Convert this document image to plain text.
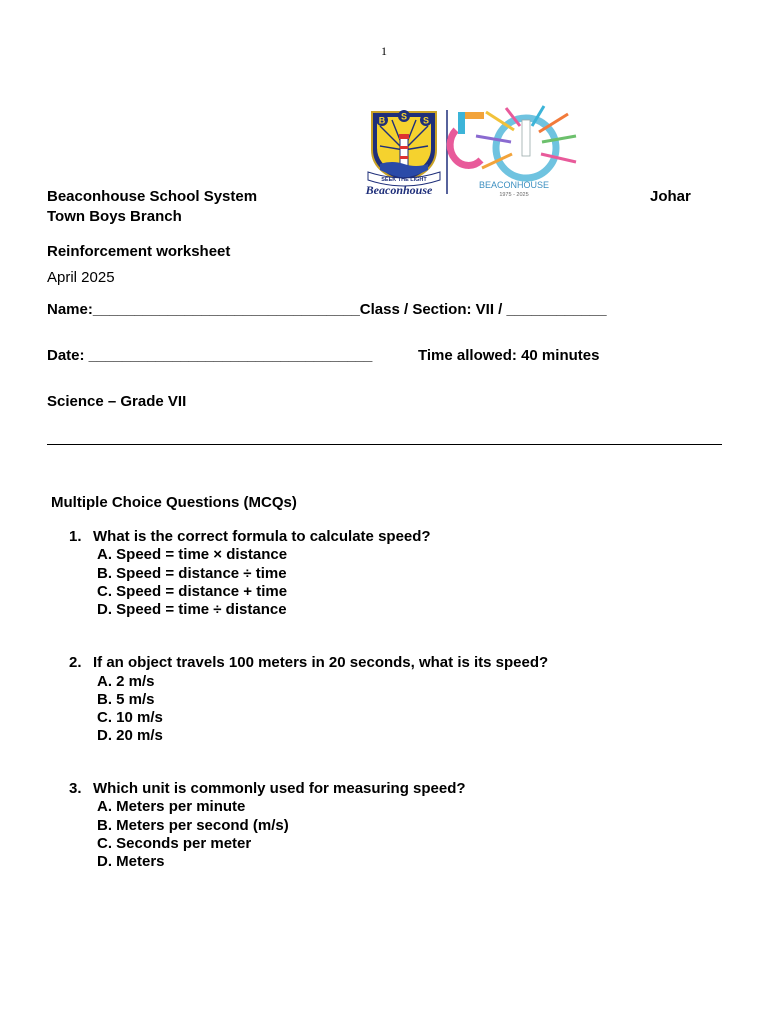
1
B S S
SEEK THE LIGHT
Beaconhouse	BEACONHOUSE
1975 - 2025
Beaconhouse School System	Johar
Town Boys Branch
Reinforcement worksheet
April 2025
Name:________________________________Class / Section: VII / ____________
Date: __________________________________	Time allowed: 40 minutes
Science – Grade VII
Multiple Choice Questions (MCQs)
1. What is the correct formula to calculate speed?
A. Speed = time × distance
B. Speed = distance ÷ time
C. Speed = distance + time
D. Speed = time ÷ distance
2. If an object travels 100 meters in 20 seconds, what is its speed?
A. 2 m/s
B. 5 m/s
C. 10 m/s
D. 20 m/s
3. Which unit is commonly used for measuring speed?
A. Meters per minute
B. Meters per second (m/s)
C. Seconds per meter
D. Meters
